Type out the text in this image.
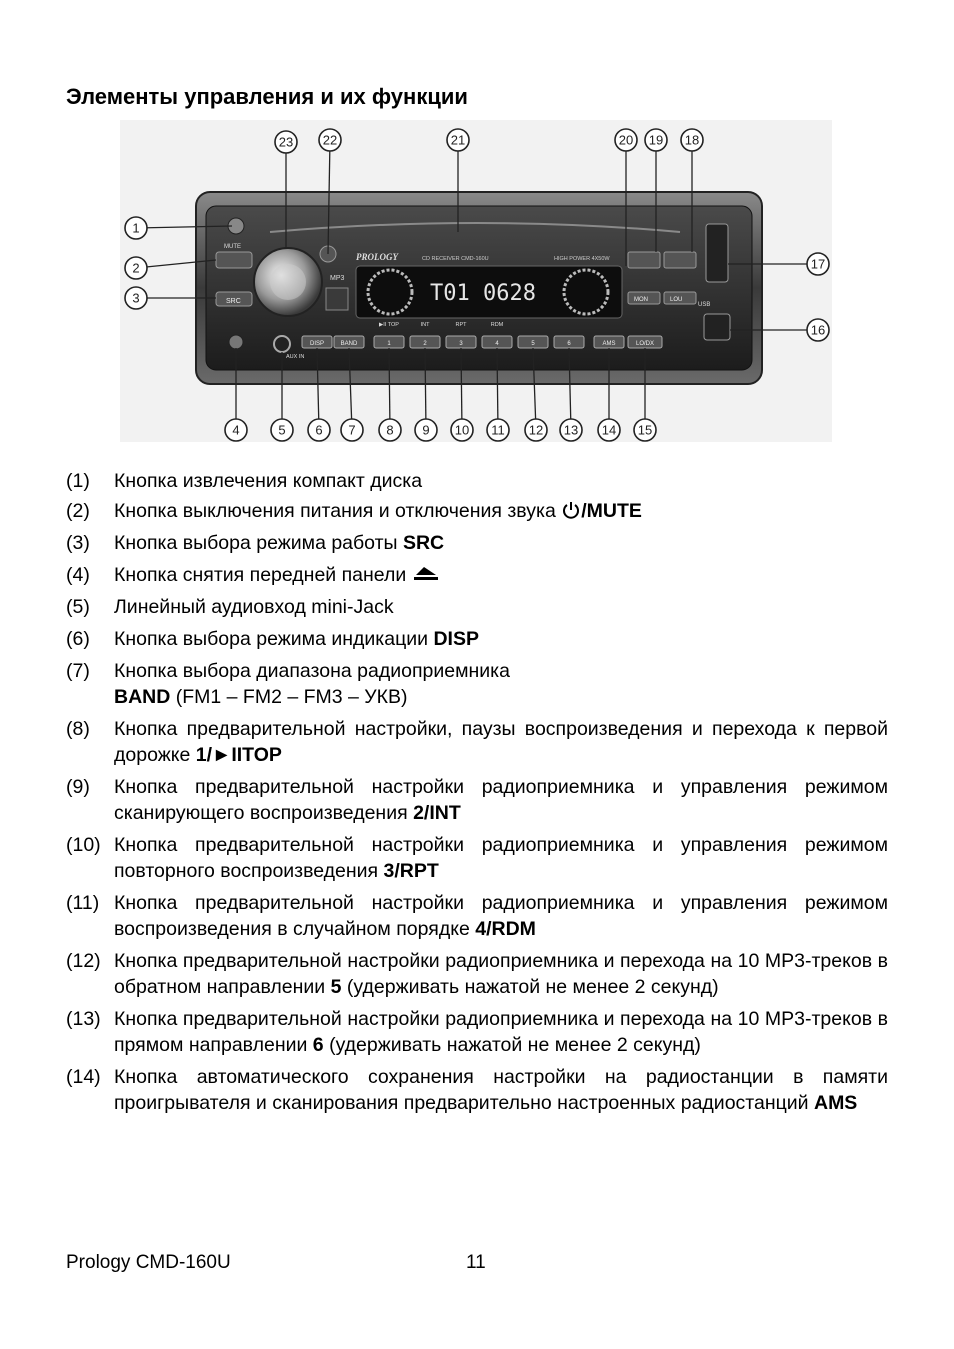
Элементы управления и их функции
MUTE
SRC
MP3
PROLOGY	CD RECEIVER CMD-160U	HIGH POWER 4X50W
T01 0628	MON	LOU
USB
AUX IN
DISP	BAND	1	2	3	4	5	6	AMS	LO/DX
▶II TOP	INT	RPT	RDM
1
2
3
4	5 6 7 8 9 10 11 12 13 14 15
16
17
18
19
20
21
22
23
(1)	Кнопка извлечения компакт диска
(2)	Кнопка выключения питания и отключения звука /MUTE
(3)	Кнопка выбора режима работы SRC
(4)	Кнопка снятия передней панели
(5)	Линейный аудиовход mini-Jack
(6)	Кнопка выбора режима индикации DISP
(7)	Кнопка выбора диапазона радиоприемника
BAND (FM1 – FM2 – FM3 – УКВ)
(8)	Кнопка предварительной настройки, паузы воспроизведения и перехода к первой дорожке 1/►IITOP
(9)	Кнопка предварительной настройки радиоприемника и управления режимом сканирующего воспроизведения 2/INT
(10) Кнопка предварительной настройки радиоприемника и управления режимом повторного воспроизведения 3/RPT
(11) Кнопка предварительной настройки радиоприемника и управления режимом воспроизведения в случайном порядке 4/RDM
(12) Кнопка предварительной настройки радиоприемника и перехода на 10 МР3-треков в обратном направлении 5 (удерживать нажатой не менее 2 секунд)
(13) Кнопка предварительной настройки радиоприемника и перехода на 10 МР3-треков в прямом направлении 6 (удерживать нажатой не менее 2 секунд)
(14) Кнопка автоматического сохранения настройки на радиостанции в памяти проигрывателя и сканирования предварительно настроенных радиостанций AMS
Prology CMD-160U	11
